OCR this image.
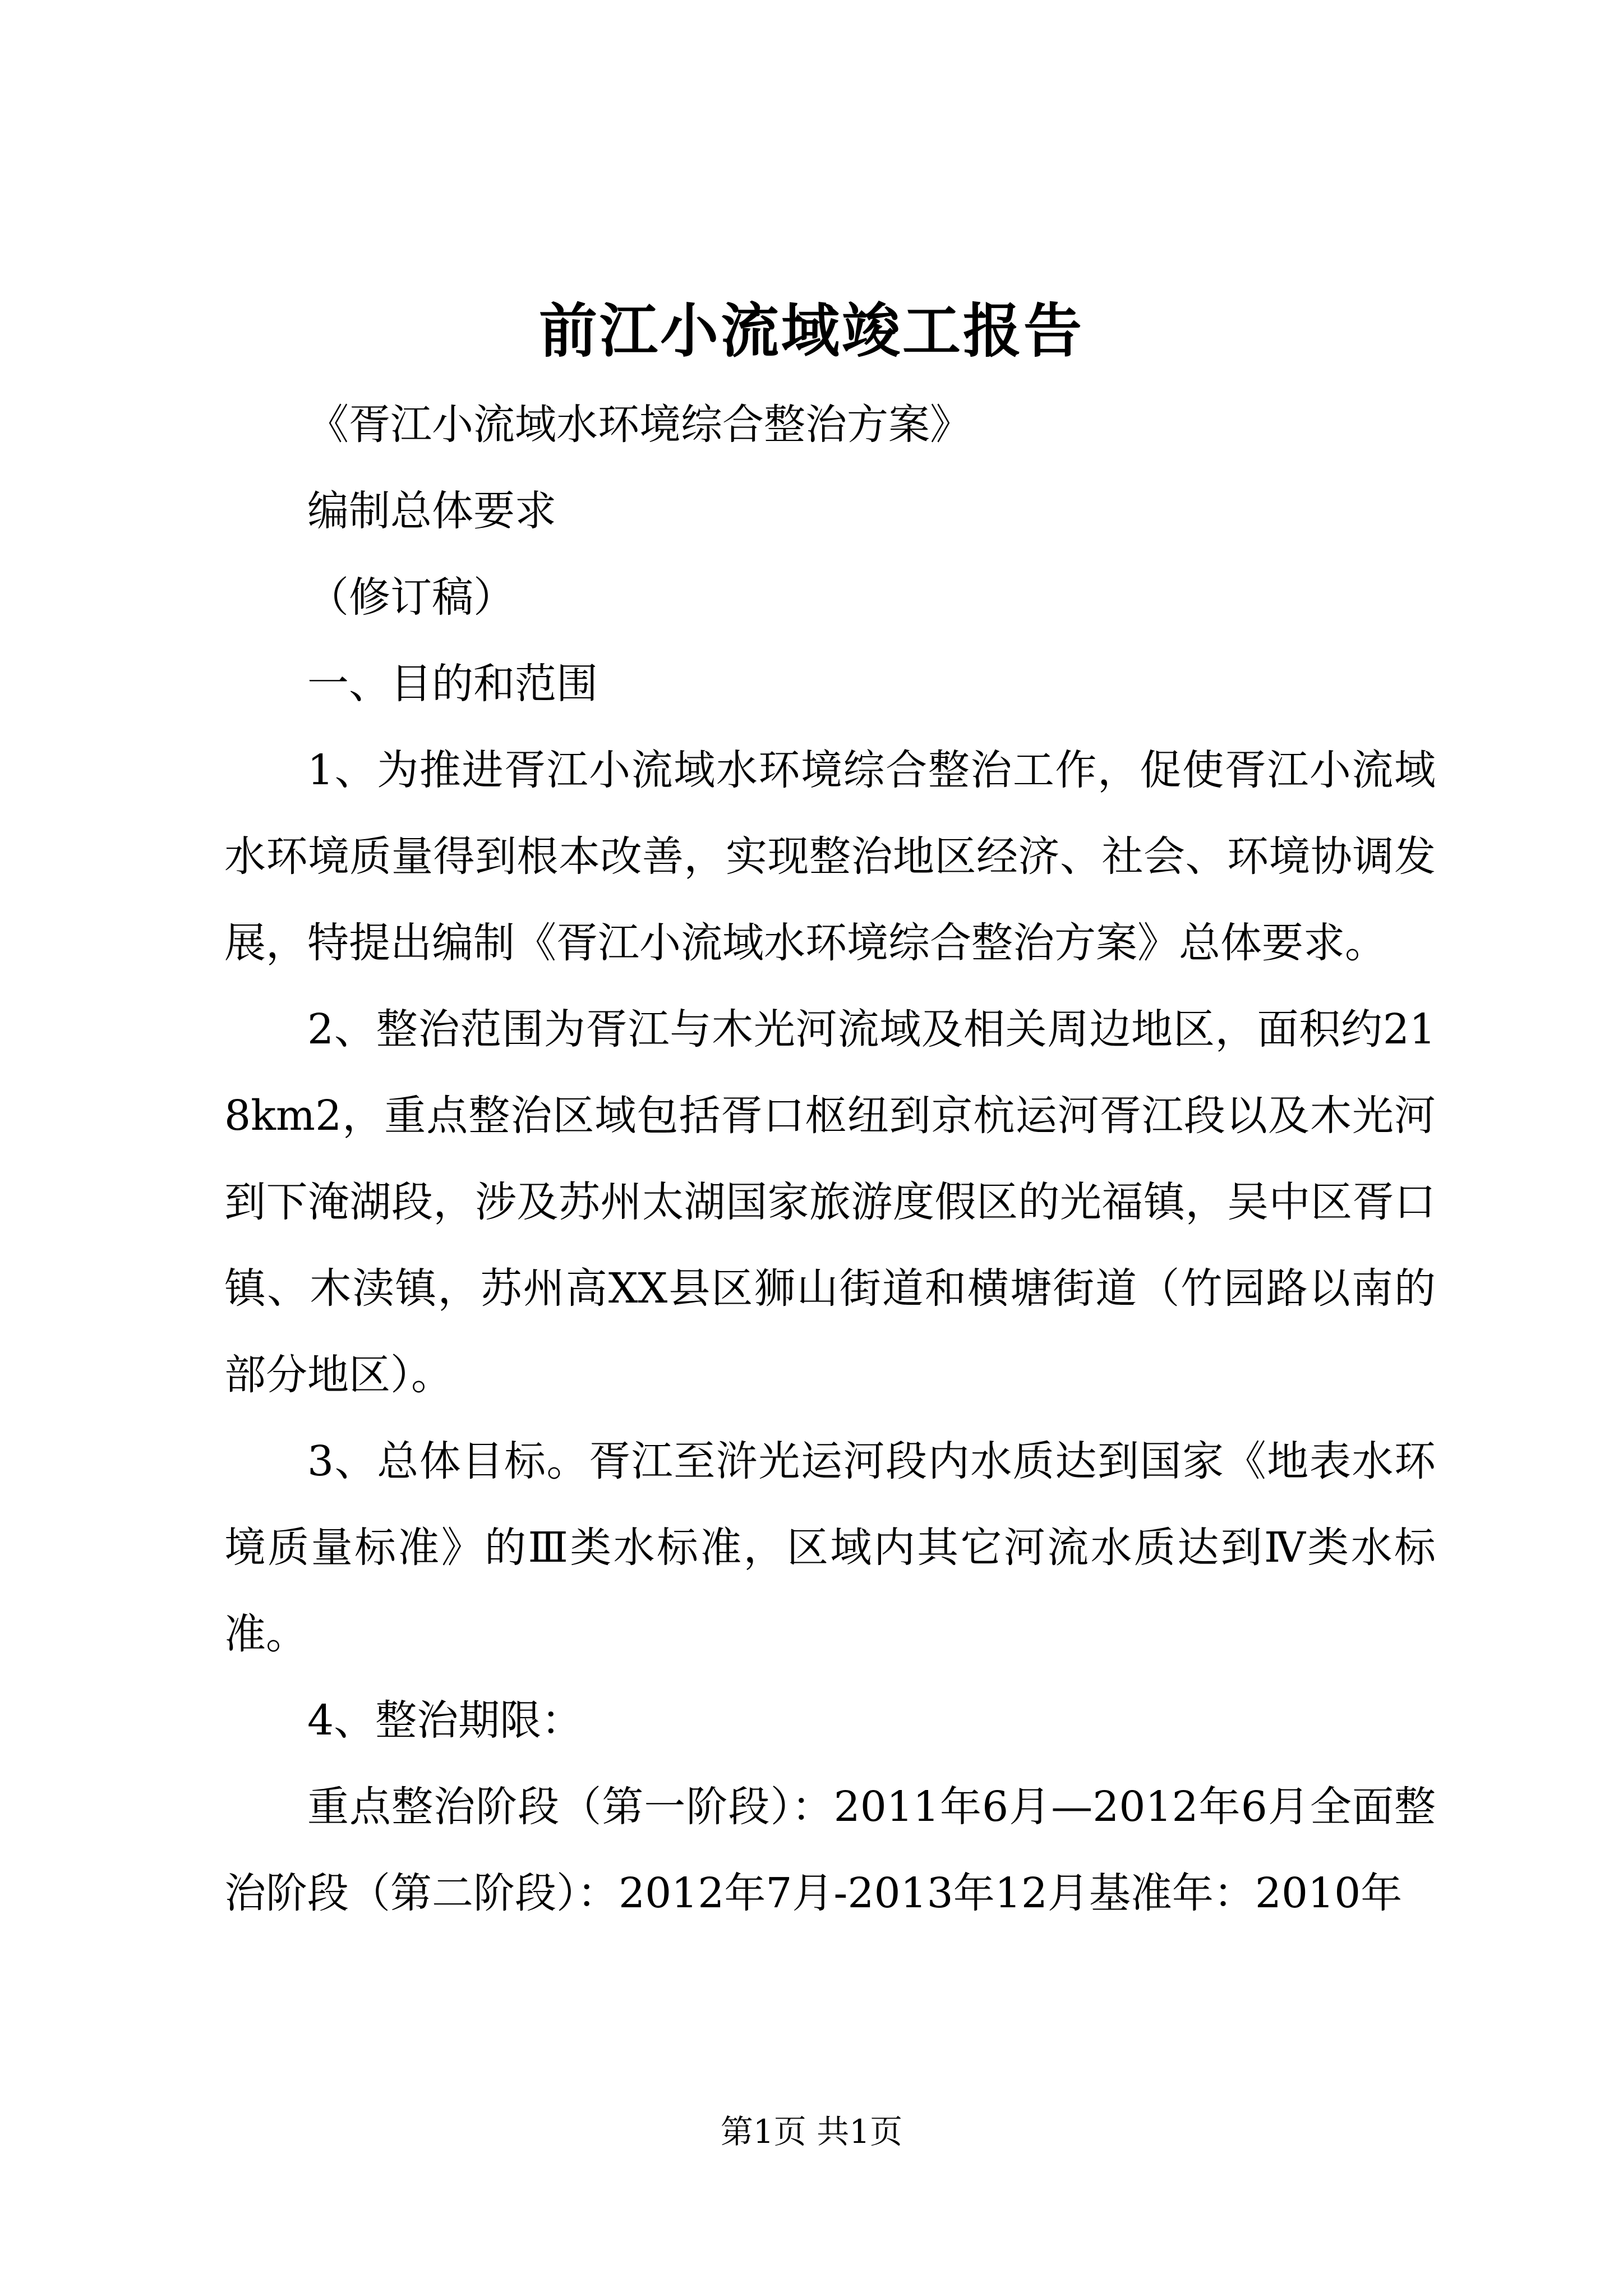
前江小流域竣工报告

《胥江小流域水环境综合整治方案》

编制总体要求

（修订稿）

一、目的和范围

1、为推进胥江小流域水环境综合整治工作，促使胥江小流域水环境质量得到根本改善，实现整治地区经济、社会、环境协调发展，特提出编制《胥江小流域水环境综合整治方案》总体要求。

2、整治范围为胥江与木光河流域及相关周边地区，面积约218km2，重点整治区域包括胥口枢纽到京杭运河胥江段以及木光河到下淹湖段，涉及苏州太湖国家旅游度假区的光福镇，吴中区胥口镇、木渎镇，苏州高XX县区狮山街道和横塘街道（竹园路以南的部分地区）。

3、总体目标。胥江至浒光运河段内水质达到国家《地表水环境质量标准》的Ⅲ类水标准，区域内其它河流水质达到Ⅳ类水标准。

4、整治期限：

重点整治阶段（第一阶段）：2011年6月—2012年6月全面整治阶段（第二阶段）：2012年7月-2013年12月基准年：2010年

第1页 共1页
